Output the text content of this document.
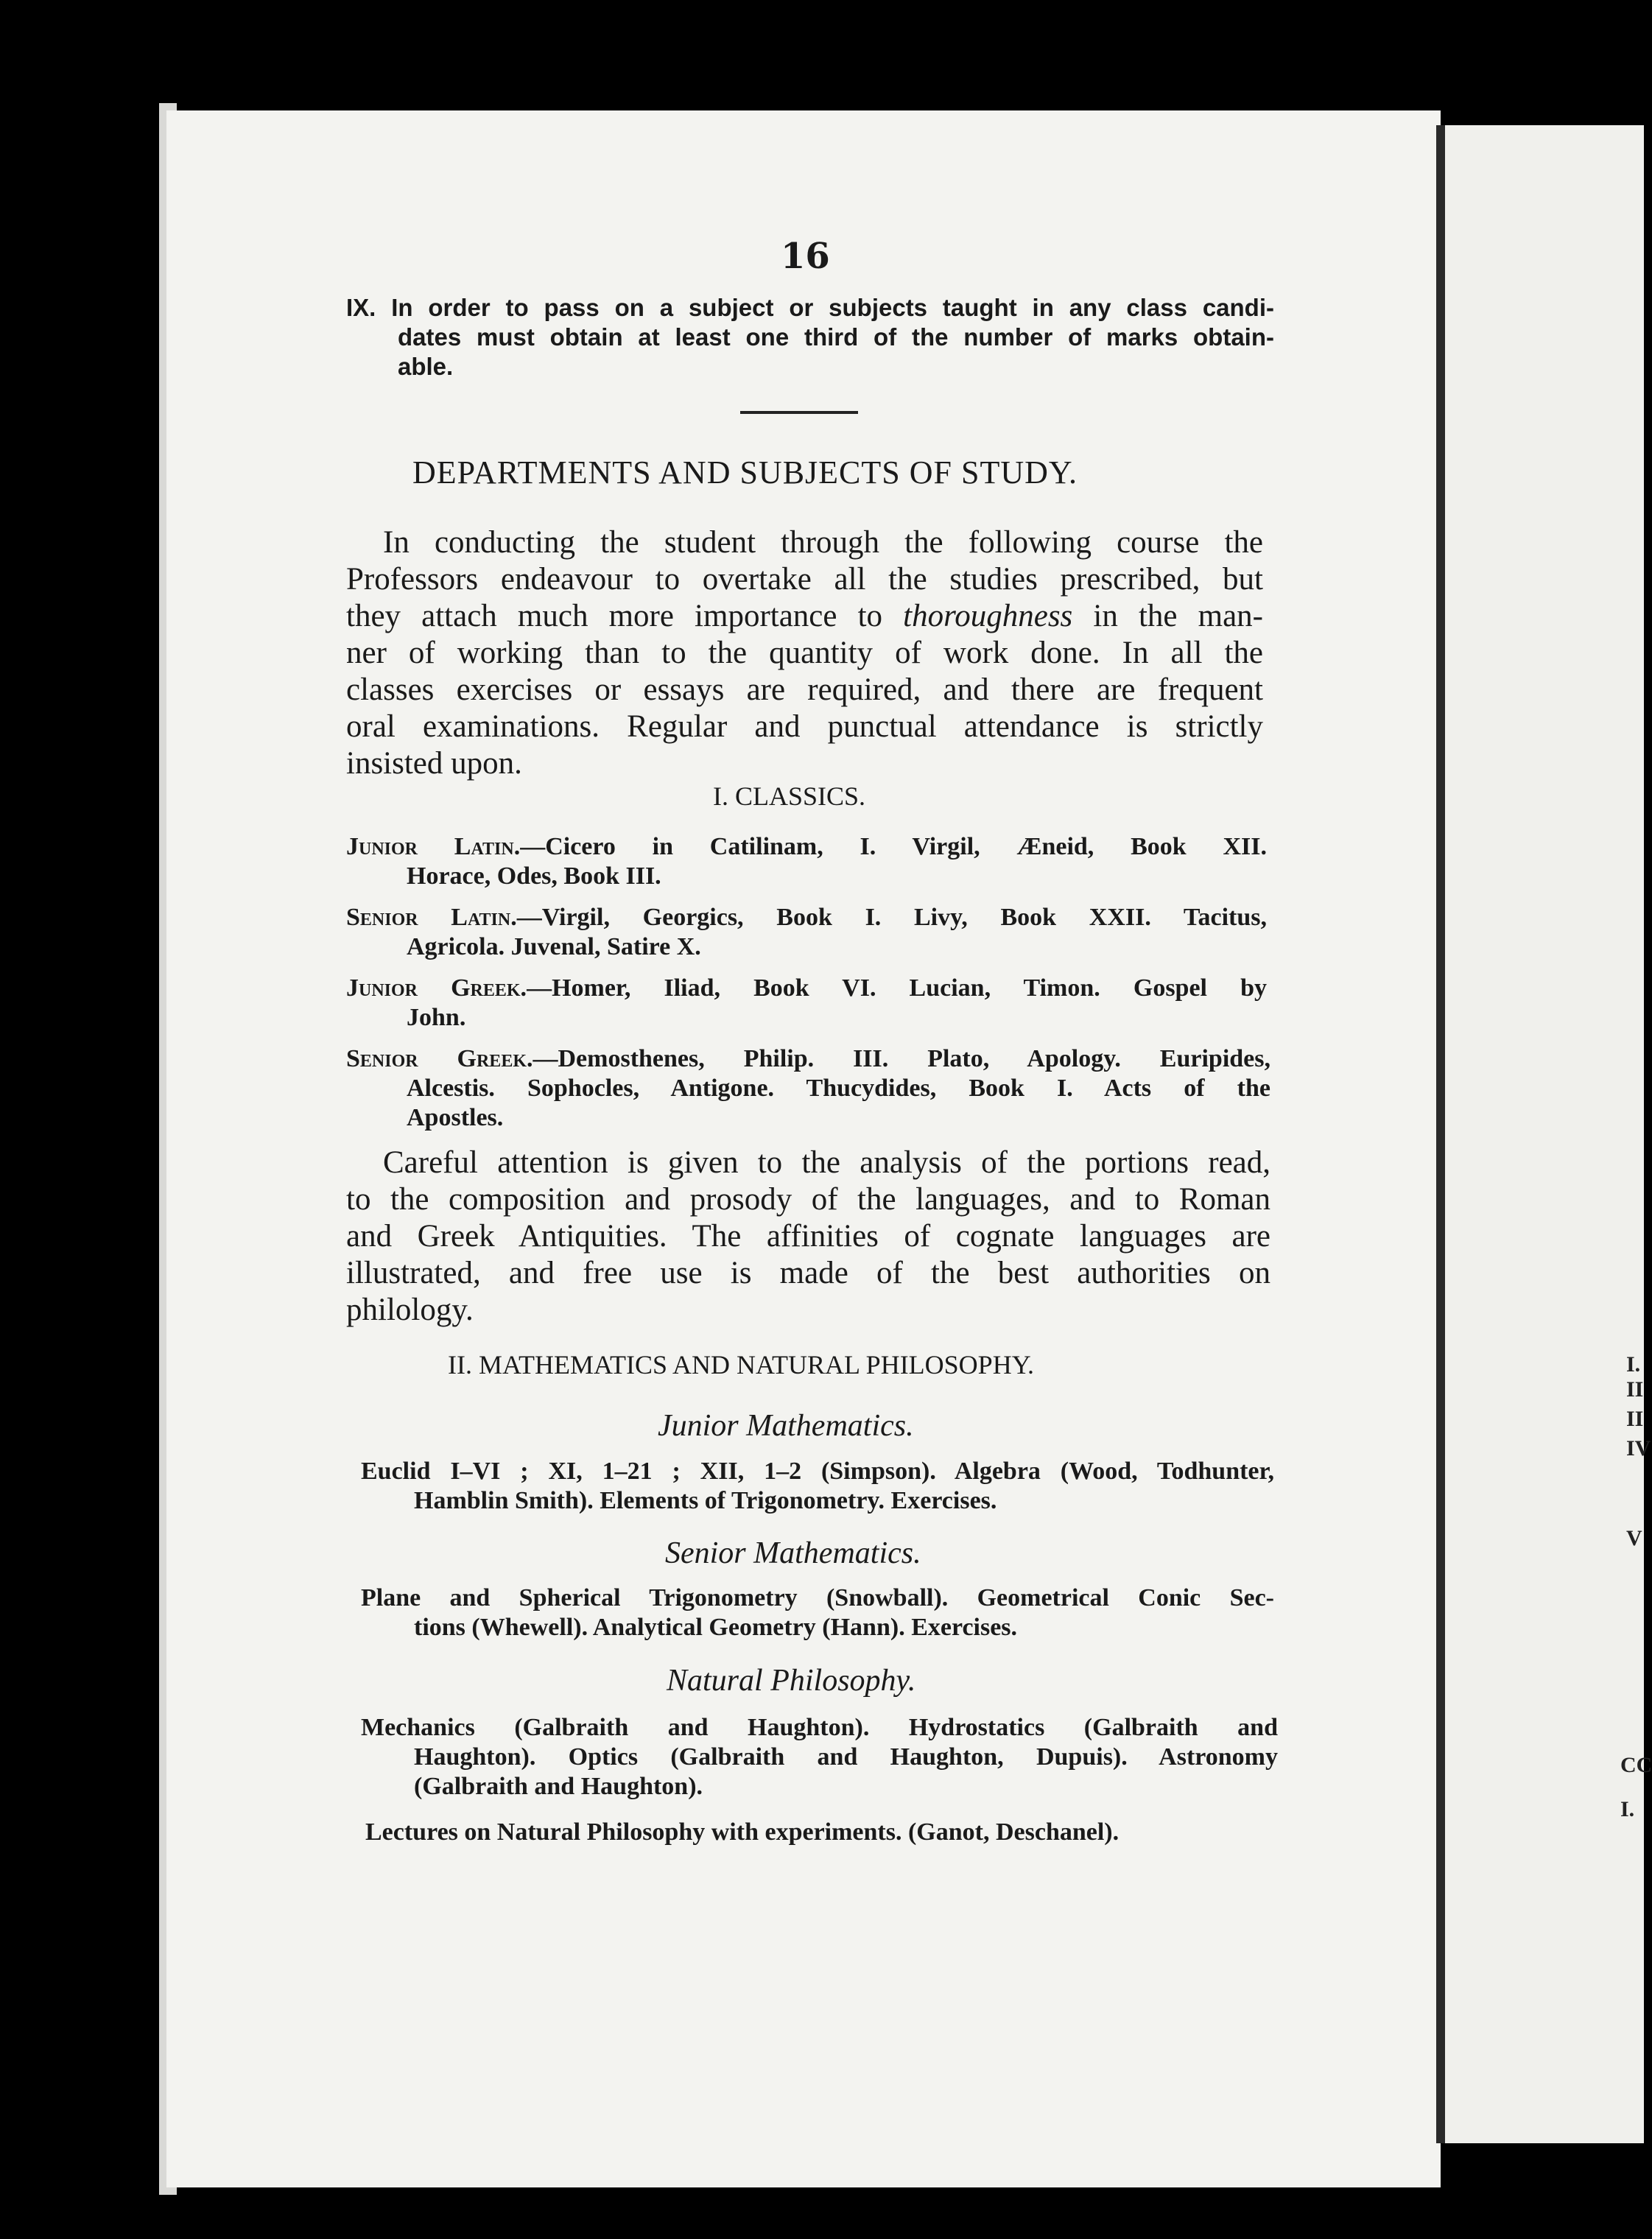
16
IX. In order to pass on a subject or subjects taught in any class candi-
dates must obtain at least one third of the number of marks obtain-
able.
DEPARTMENTS AND SUBJECTS OF STUDY.
In conducting the student through the following course the
Professors endeavour to overtake all the studies prescribed, but
they attach much more importance to thoroughness in the man-
ner of working than to the quantity of work done. In all the
classes exercises or essays are required, and there are frequent
oral examinations. Regular and punctual attendance is strictly
insisted upon.
I. CLASSICS.
Junior Latin.—Cicero in Catilinam, I. Virgil, Æneid, Book XII.
Horace, Odes, Book III.
Senior Latin.—Virgil, Georgics, Book I. Livy, Book XXII. Tacitus,
Agricola. Juvenal, Satire X.
Junior Greek.—Homer, Iliad, Book VI. Lucian, Timon. Gospel by
John.
Senior Greek.—Demosthenes, Philip. III. Plato, Apology. Euripides,
Alcestis. Sophocles, Antigone. Thucydides, Book I. Acts of the
Apostles.
Careful attention is given to the analysis of the portions read,
to the composition and prosody of the languages, and to Roman
and Greek Antiquities. The affinities of cognate languages are
illustrated, and free use is made of the best authorities on
philology.
II. MATHEMATICS AND NATURAL PHILOSOPHY.
Junior Mathematics.
Euclid I–VI ; XI, 1–21 ; XII, 1–2 (Simpson). Algebra (Wood, Todhunter,
Hamblin Smith). Elements of Trigonometry. Exercises.
Senior Mathematics.
Plane and Spherical Trigonometry (Snowball). Geometrical Conic Sec-
tions (Whewell). Analytical Geometry (Hann). Exercises.
Natural Philosophy.
Mechanics (Galbraith and Haughton). Hydrostatics (Galbraith and
Haughton). Optics (Galbraith and Haughton, Dupuis). Astronomy
(Galbraith and Haughton).
Lectures on Natural Philosophy with experiments. (Ganot, Deschanel).
I.
II
II
IV
V
CC
I.
